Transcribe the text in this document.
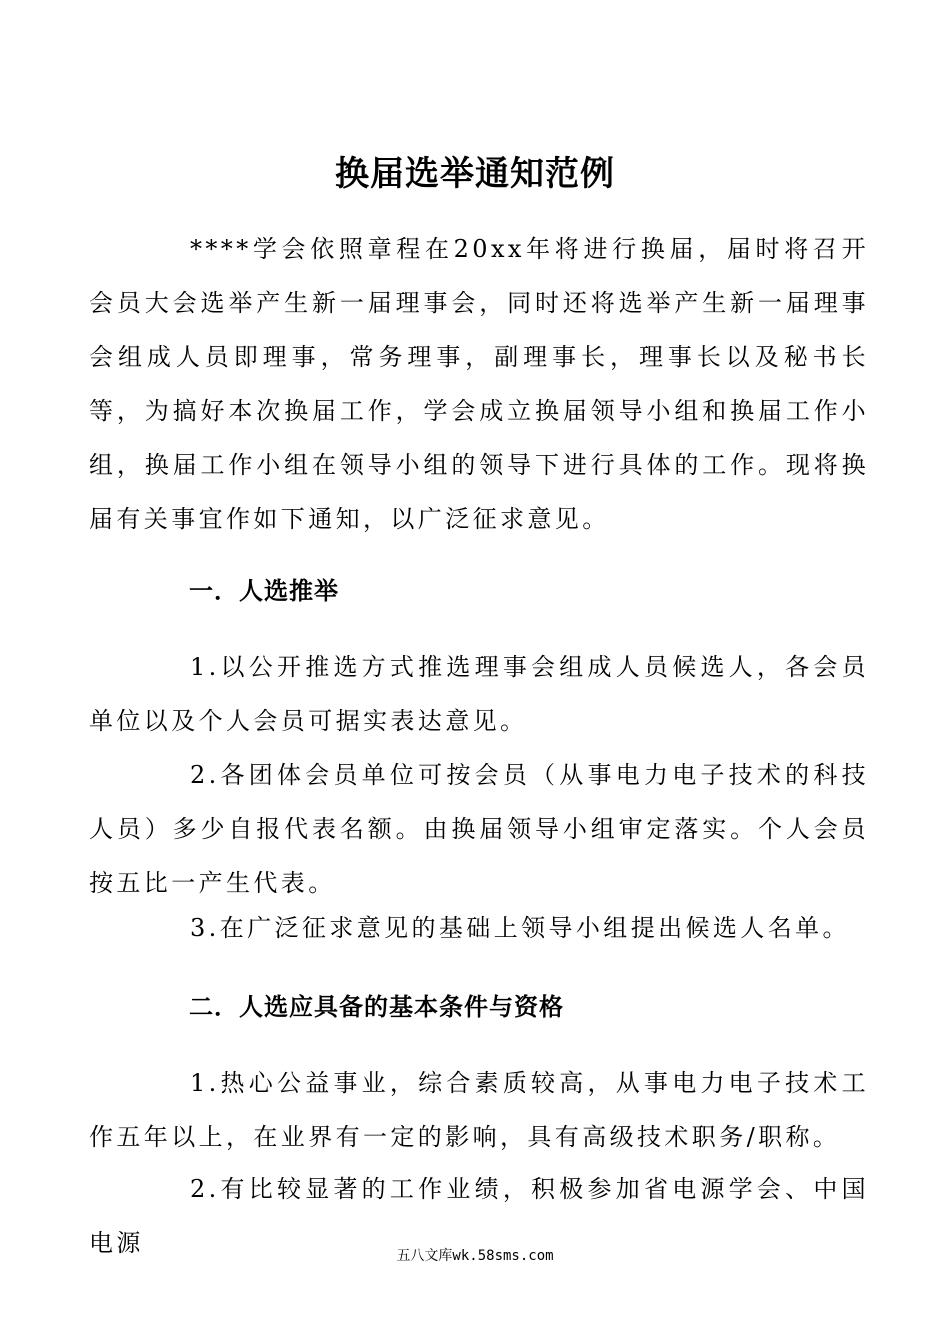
换届选举通知范例

****学会依照章程在20xx年将进行换届，届时将召开会员大会选举产生新一届理事会，同时还将选举产生新一届理事会组成人员即理事，常务理事，副理事长，理事长以及秘书长等，为搞好本次换届工作，学会成立换届领导小组和换届工作小组，换届工作小组在领导小组的领导下进行具体的工作。现将换届有关事宜作如下通知，以广泛征求意见。

一．人选推举

1.以公开推选方式推选理事会组成人员候选人，各会员单位以及个人会员可据实表达意见。

2.各团体会员单位可按会员（从事电力电子技术的科技人员）多少自报代表名额。由换届领导小组审定落实。个人会员按五比一产生代表。

3.在广泛征求意见的基础上领导小组提出候选人名单。

二．人选应具备的基本条件与资格

1.热心公益事业，综合素质较高，从事电力电子技术工作五年以上，在业界有一定的影响，具有高级技术职务/职称。

2.有比较显著的工作业绩，积极参加省电源学会、中国电源	五八文库wk.58sms.com
